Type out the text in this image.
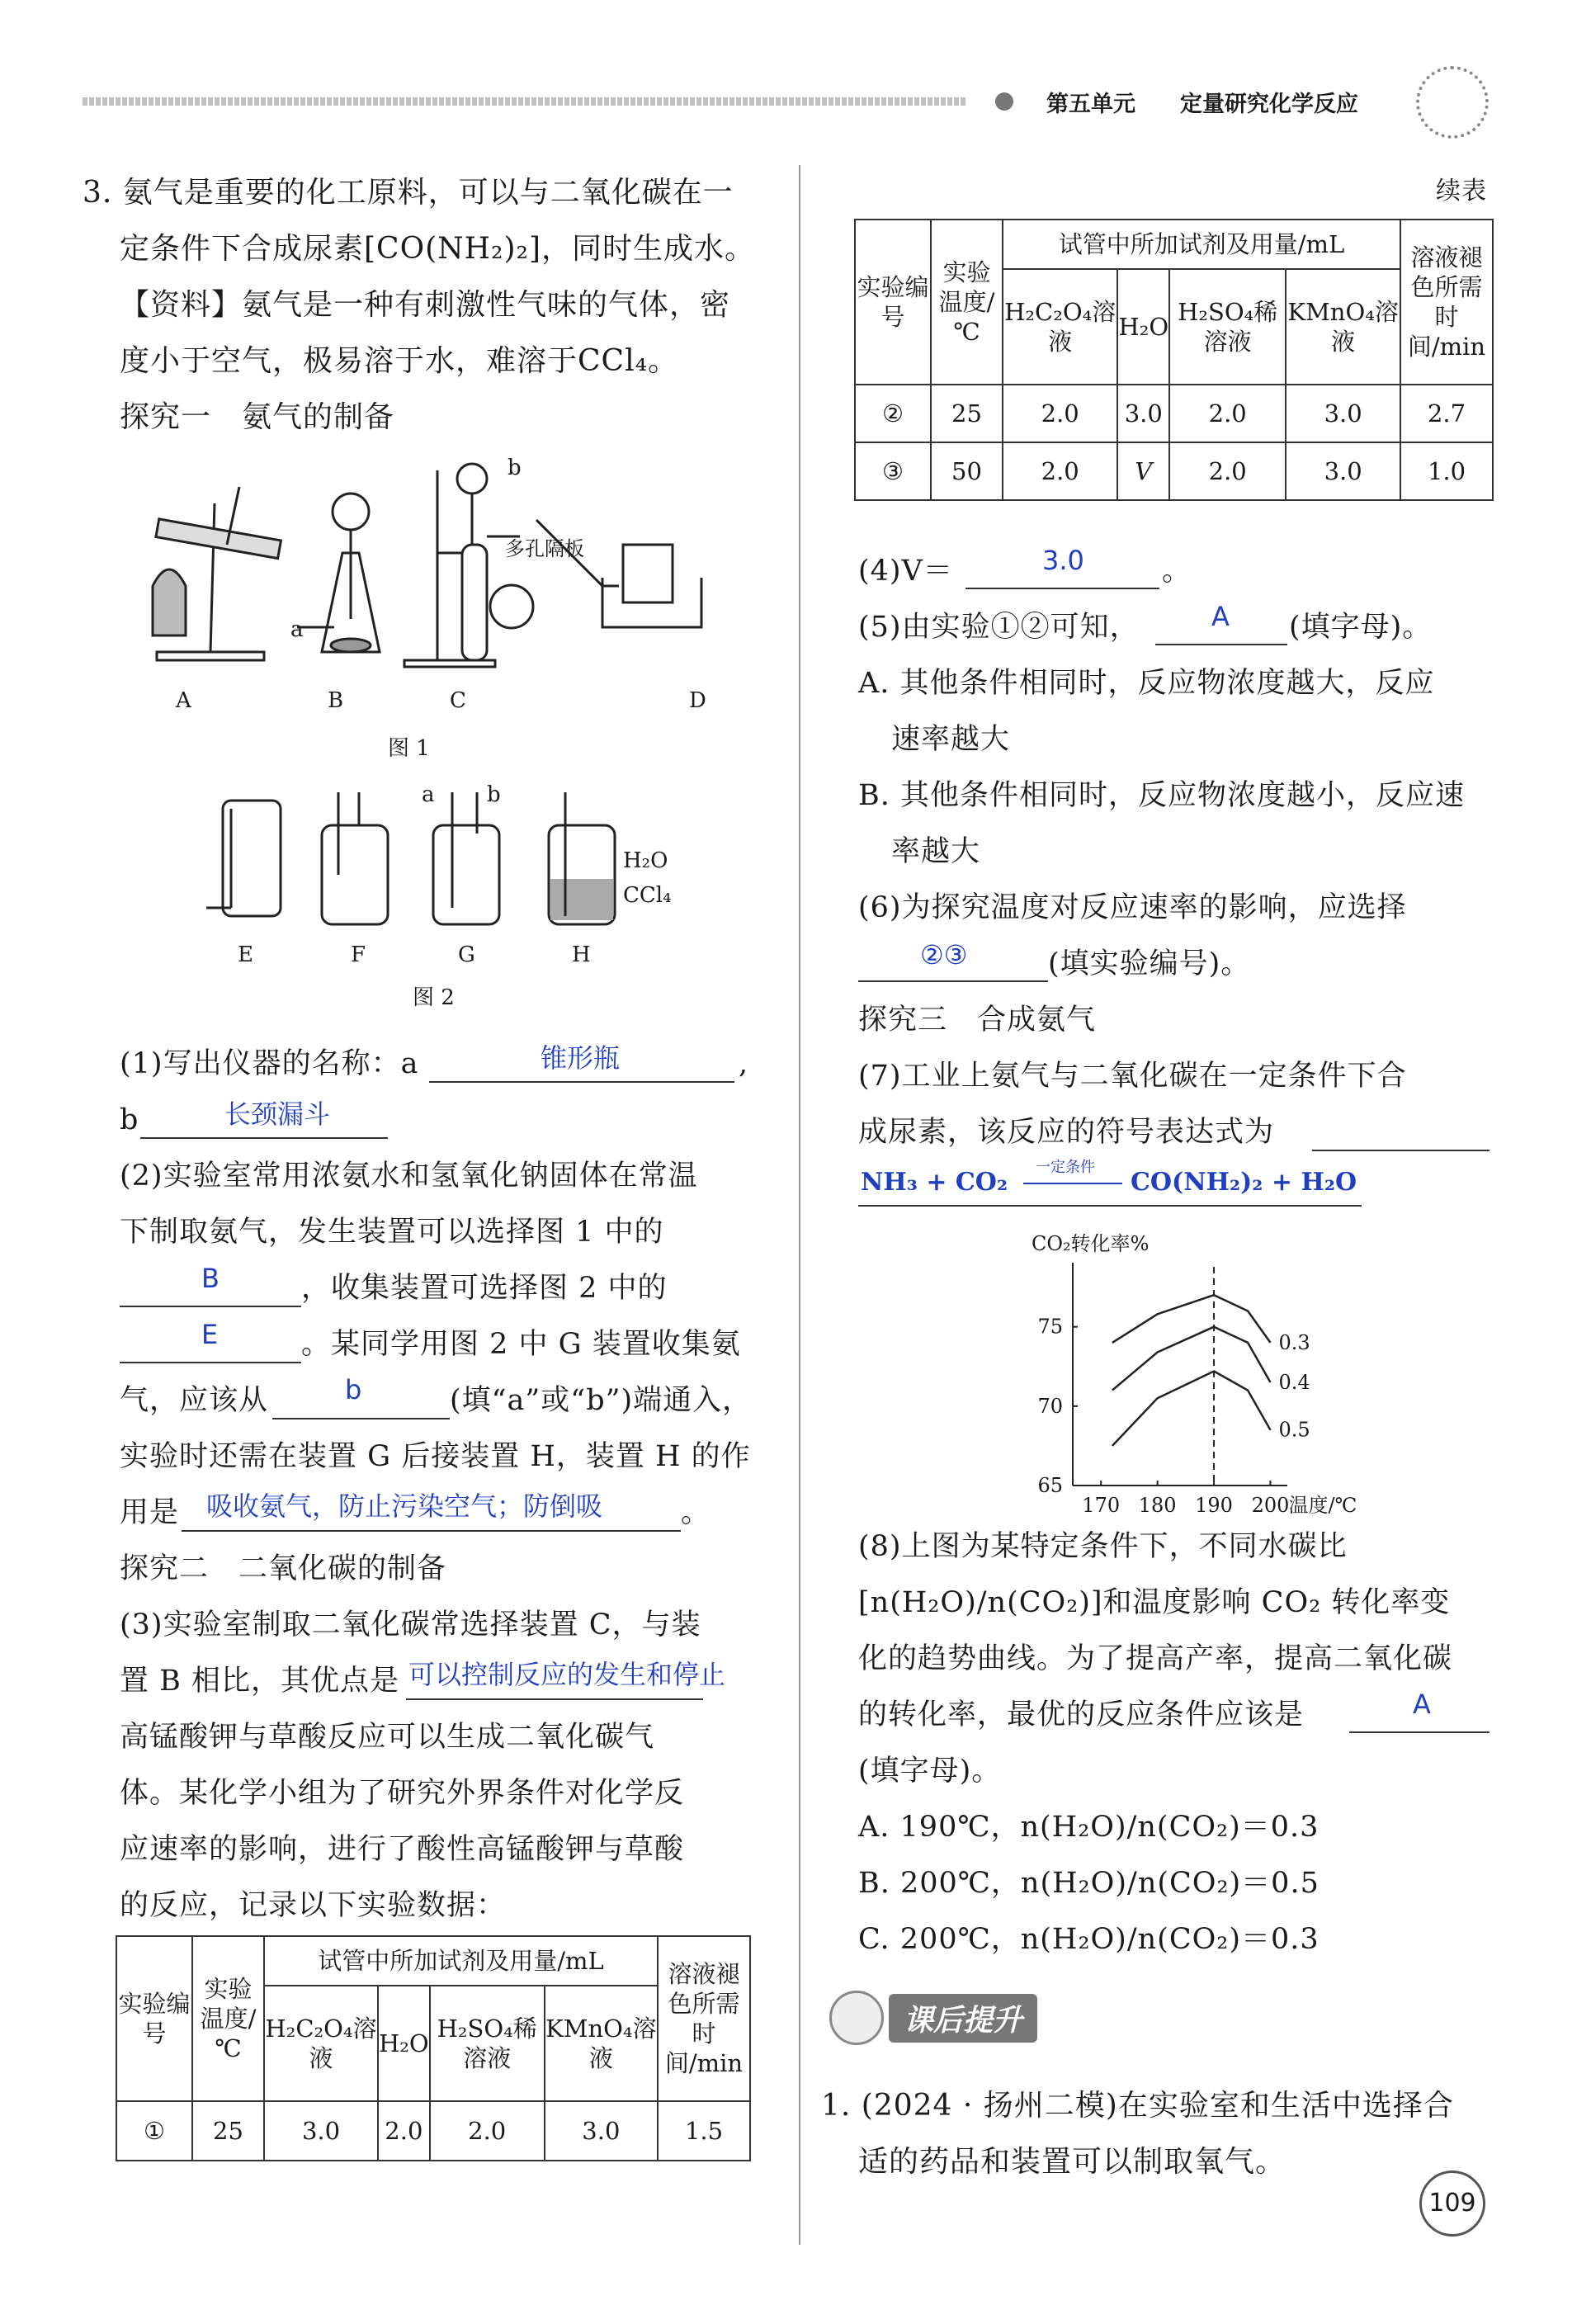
第五单元 定量研究化学反应
3. 氨气是重要的化工原料，可以与二氧化碳在一
定条件下合成尿素[CO(NH₂)₂]，同时生成水。
【资料】氨气是一种有刺激性气味的气体，密
度小于空气，极易溶于水，难溶于CCl₄。
探究一　氨气的制备
多孔隔板
a
b
A	B	C	D
图 1
a b
H₂O
CCl₄
E	F	G	H
图 2
(1)写出仪器的名称：a	锥形瓶	,
b	长颈漏斗
(2)实验室常用浓氨水和氢氧化钠固体在常温
下制取氨气，发生装置可以选择图 1 中的
B	，收集装置可选择图 2 中的
E	。某同学用图 2 中 G 装置收集氨
气，应该从	b	(填“a”或“b”)端通入，
实验时还需在装置 G 后接装置 H，装置 H 的作
用是 吸收氨气，防止污染空气；防倒吸	。
探究二　二氧化碳的制备
(3)实验室制取二氧化碳常选择装置 C，与装
置 B 相比，其优点是 可以控制反应的发生和停止
高锰酸钾与草酸反应可以生成二氧化碳气
体。某化学小组为了研究外界条件对化学反
应速率的影响，进行了酸性高锰酸钾与草酸
的反应，记录以下实验数据：
实验编号	实验温度/℃	试管中所加试剂及用量/mL				溶液褪色所需时间/min
		H₂C₂O₄溶液	H₂O	H₂SO₄稀溶液	KMnO₄溶液	
①	25	3.0	2.0	2.0	3.0	1.5
续表
实验编号	实验温度/℃	试管中所加试剂及用量/mL				溶液褪色所需时间/min
		H₂C₂O₄溶液	H₂O	H₂SO₄稀溶液	KMnO₄溶液	
②	25	2.0	3.0	2.0	3.0	2.7
③	50	2.0	V	2.0	3.0	1.0
(4)V＝	3.0	。
(5)由实验①②可知，	A (填字母)。
A. 其他条件相同时，反应物浓度越大，反应
速率越大
B. 其他条件相同时，反应物浓度越小，反应速
率越大
(6)为探究温度对反应速率的影响，应选择
②③	(填实验编号)。
探究三　合成氨气
(7)工业上氨气与二氧化碳在一定条件下合
成尿素，该反应的符号表达式为
NH₃ + CO₂
一定条件
CO(NH₂)₂ + H₂O
CO₂转化率%
170 180 190 200 温度/℃
65
70
75
0.3
0.4
0.5
(8)上图为某特定条件下，不同水碳比
[n(H₂O)/n(CO₂)]和温度影响 CO₂ 转化率变
化的趋势曲线。为了提高产率，提高二氧化碳
的转化率，最优的反应条件应该是	A
(填字母)。
A. 190℃，n(H₂O)/n(CO₂)＝0.3
B. 200℃，n(H₂O)/n(CO₂)＝0.5
C. 200℃，n(H₂O)/n(CO₂)＝0.3
课后提升
1. (2024 · 扬州二模)在实验室和生活中选择合
适的药品和装置可以制取氧气。
109
